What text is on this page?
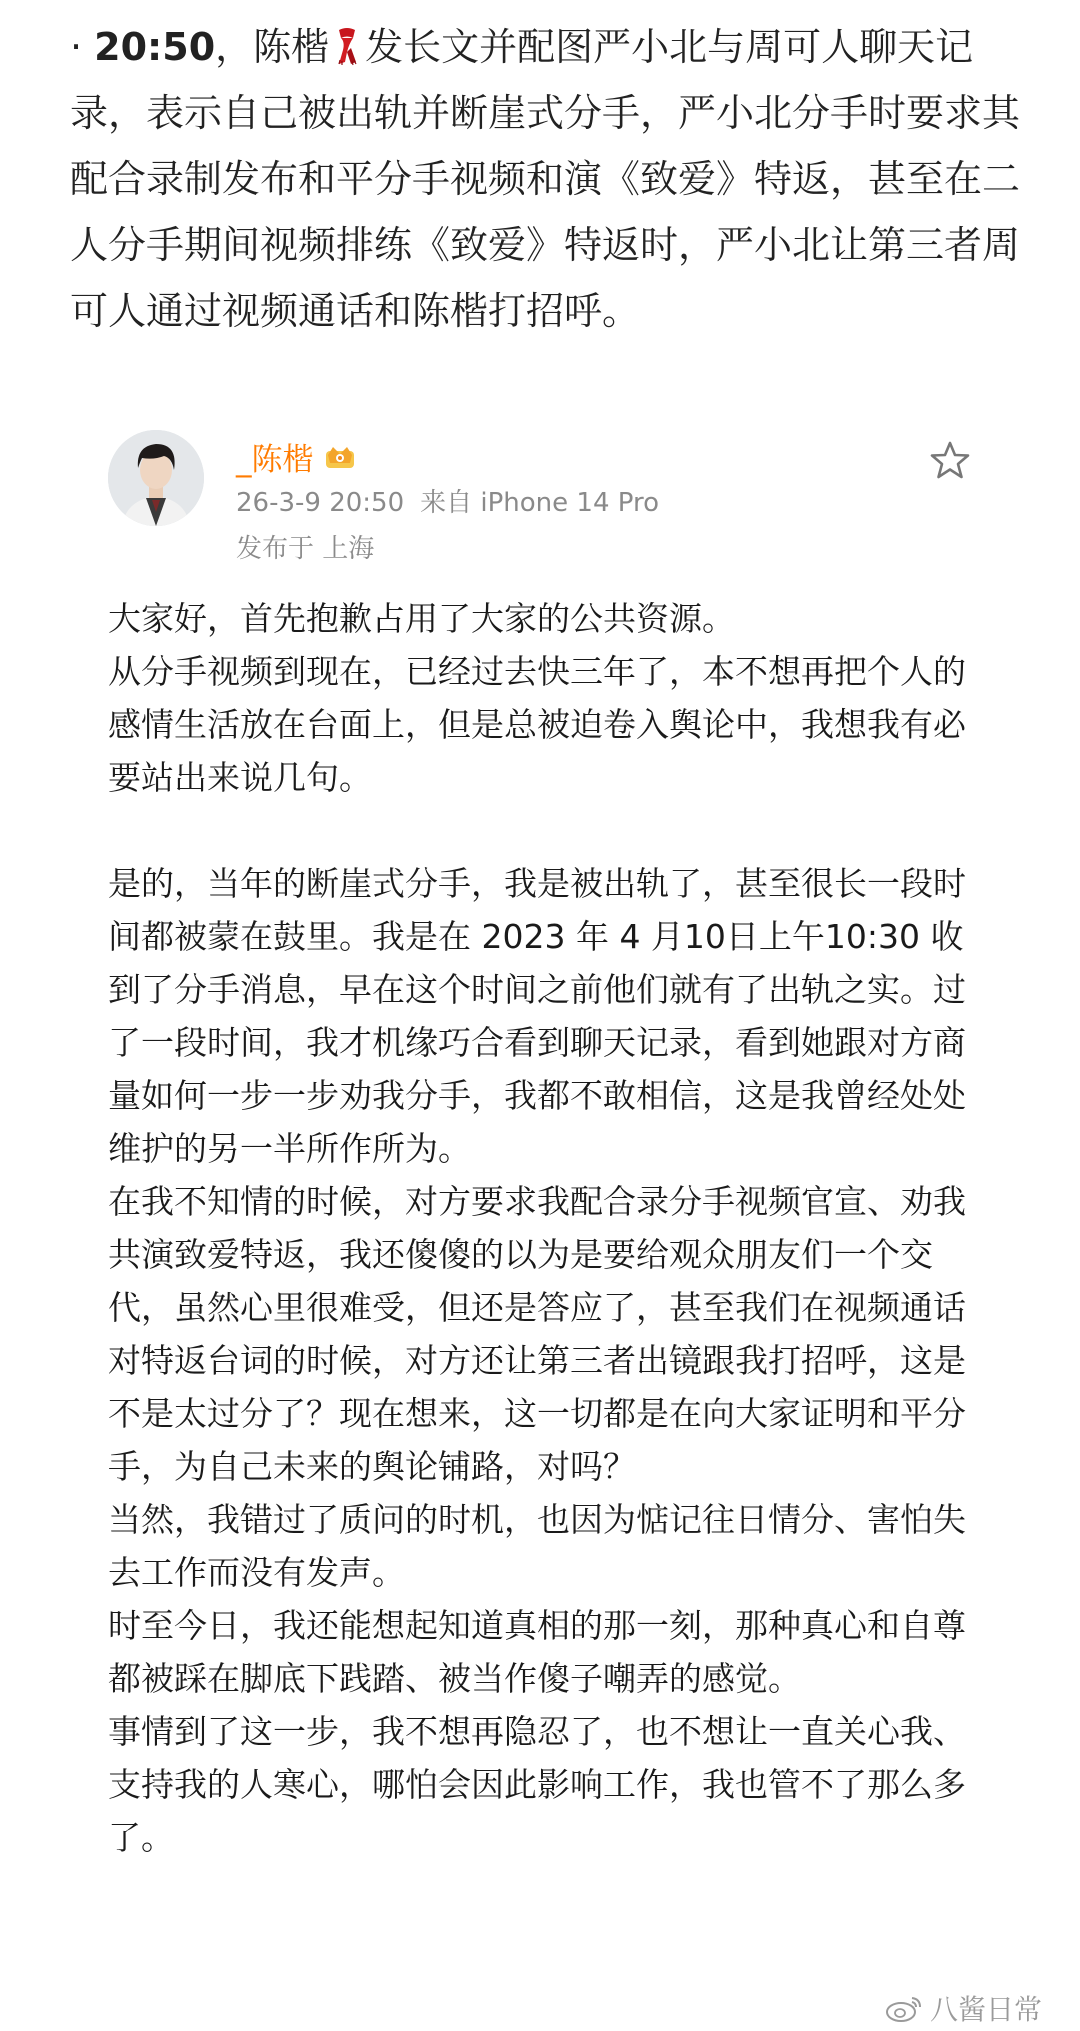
· 20:50，陈楷 发长文并配图严小北与周可人聊天记录，表示自己被出轨并断崖式分手，严小北分手时要求其配合录制发布和平分手视频和演《致爱》特返，甚至在二人分手期间视频排练《致爱》特返时，严小北让第三者周可人通过视频通话和陈楷打招呼。
_陈楷
26-3-9 20:50 来自 iPhone 14 Pro
发布于 上海

大家好，首先抱歉占用了大家的公共资源。

从分手视频到现在，已经过去快三年了，本不想再把个人的感情生活放在台面上，但是总被迫卷入舆论中，我想我有必要站出来说几句。

是的，当年的断崖式分手，我是被出轨了，甚至很长一段时间都被蒙在鼓里。我是在 2023 年 4 月10日上午10:30 收到了分手消息，早在这个时间之前他们就有了出轨之实。过了一段时间，我才机缘巧合看到聊天记录，看到她跟对方商量如何一步一步劝我分手，我都不敢相信，这是我曾经处处维护的另一半所作所为。

在我不知情的时候，对方要求我配合录分手视频官宣、劝我共演致爱特返，我还傻傻的以为是要给观众朋友们一个交代，虽然心里很难受，但还是答应了，甚至我们在视频通话对特返台词的时候，对方还让第三者出镜跟我打招呼，这是不是太过分了？现在想来，这一切都是在向大家证明和平分手，为自己未来的舆论铺路，对吗？

当然，我错过了质问的时机，也因为惦记往日情分、害怕失去工作而没有发声。

时至今日，我还能想起知道真相的那一刻，那种真心和自尊都被踩在脚底下践踏、被当作傻子嘲弄的感觉。

事情到了这一步，我不想再隐忍了，也不想让一直关心我、支持我的人寒心，哪怕会因此影响工作，我也管不了那么多了。

八酱日常
